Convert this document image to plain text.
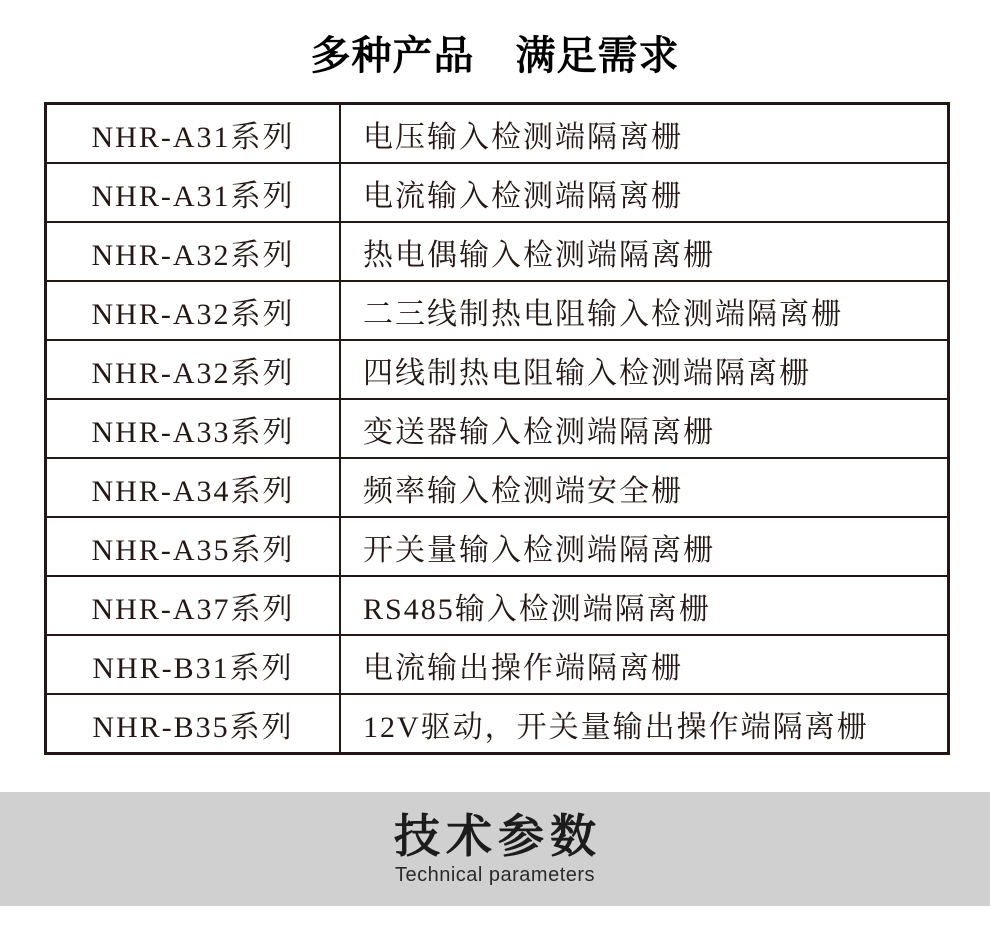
多种产品　满足需求
NHR-A31系列	电压输入检测端隔离栅
NHR-A31系列	电流输入检测端隔离栅
NHR-A32系列	热电偶输入检测端隔离栅
NHR-A32系列	二三线制热电阻输入检测端隔离栅
NHR-A32系列	四线制热电阻输入检测端隔离栅
NHR-A33系列	变送器输入检测端隔离栅
NHR-A34系列	频率输入检测端安全栅
NHR-A35系列	开关量输入检测端隔离栅
NHR-A37系列	RS485输入检测端隔离栅
NHR-B31系列	电流输出操作端隔离栅
NHR-B35系列	12V驱动，开关量输出操作端隔离栅
技术参数
Technical parameters
